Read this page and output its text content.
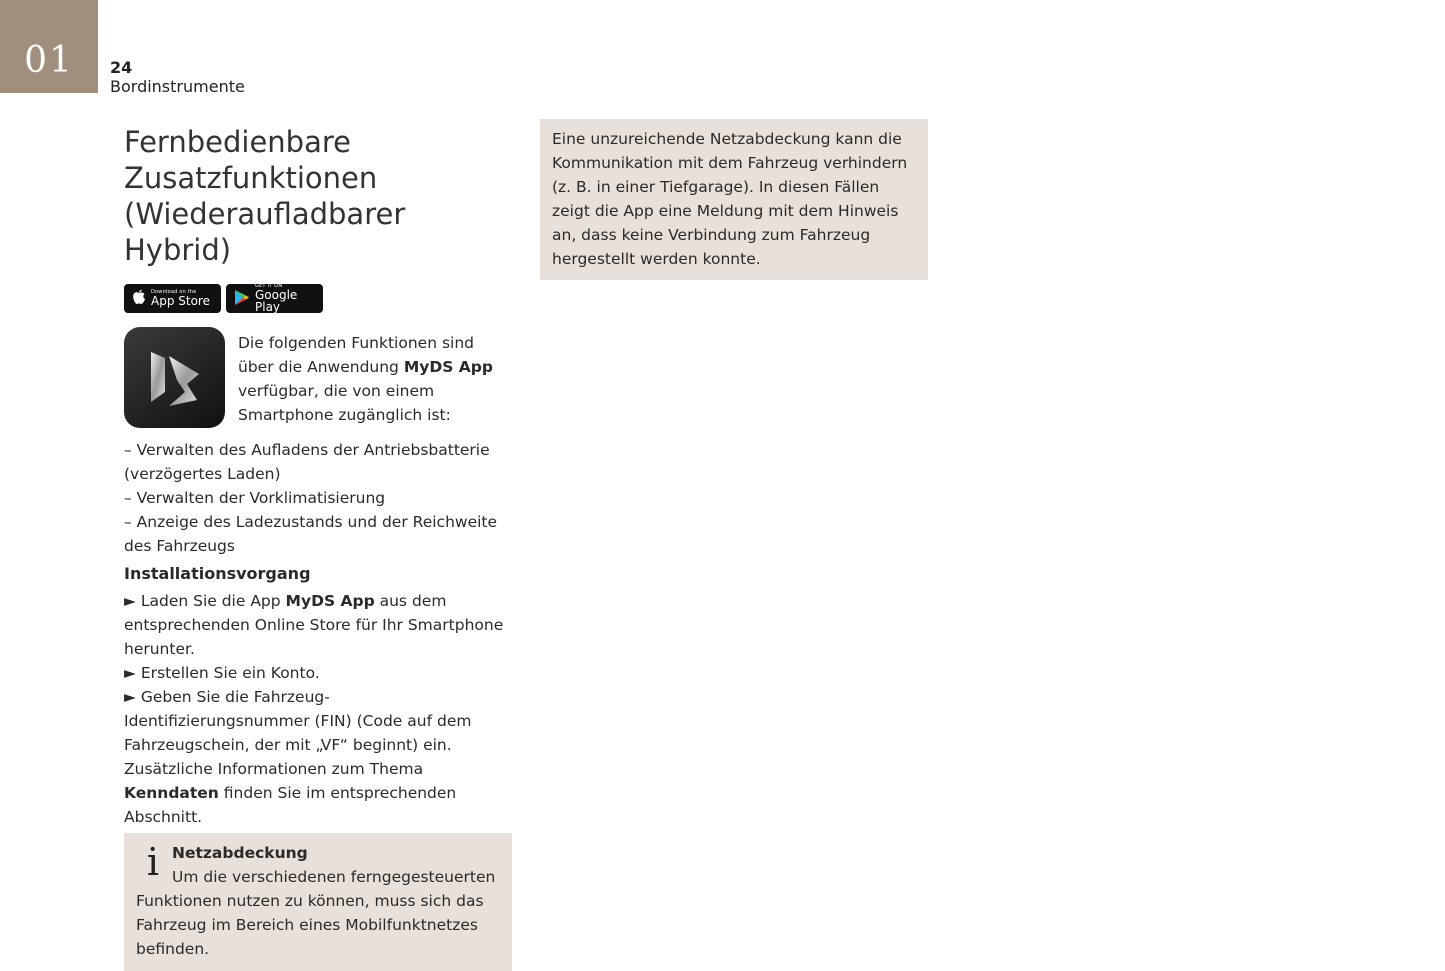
01 24
Bordinstrumente
Fernbedienbare
Zusatzfunktionen
(Wiederaufladbarer Hybrid)
Download on the
App Store
GET IT ON
Google Play
Die folgenden Funktionen sind über die Anwendung MyDS App verfügbar, die von einem Smartphone zugänglich ist:
– Verwalten des Aufladens der Antriebsbatterie (verzögertes Laden)
– Verwalten der Vorklimatisierung
– Anzeige des Ladezustands und der Reichweite des Fahrzeugs
Installationsvorgang
► Laden Sie die App MyDS App aus dem entsprechenden Online Store für Ihr Smartphone herunter.
► Erstellen Sie ein Konto.
► Geben Sie die Fahrzeug-Identifizierungsnummer (FIN) (Code auf dem Fahrzeugschein, der mit „VF“ beginnt) ein.
Zusätzliche Informationen zum Thema Kenndaten finden Sie im entsprechenden Abschnitt.
i Netzabdeckung
Um die verschiedenen ferngegesteuerten Funktionen nutzen zu können, muss sich das Fahrzeug im Bereich eines Mobilfunktnetzes befinden.
Eine unzureichende Netzabdeckung kann die Kommunikation mit dem Fahrzeug verhindern (z. B. in einer Tiefgarage). In diesen Fällen zeigt die App eine Meldung mit dem Hinweis an, dass keine Verbindung zum Fahrzeug hergestellt werden konnte.
